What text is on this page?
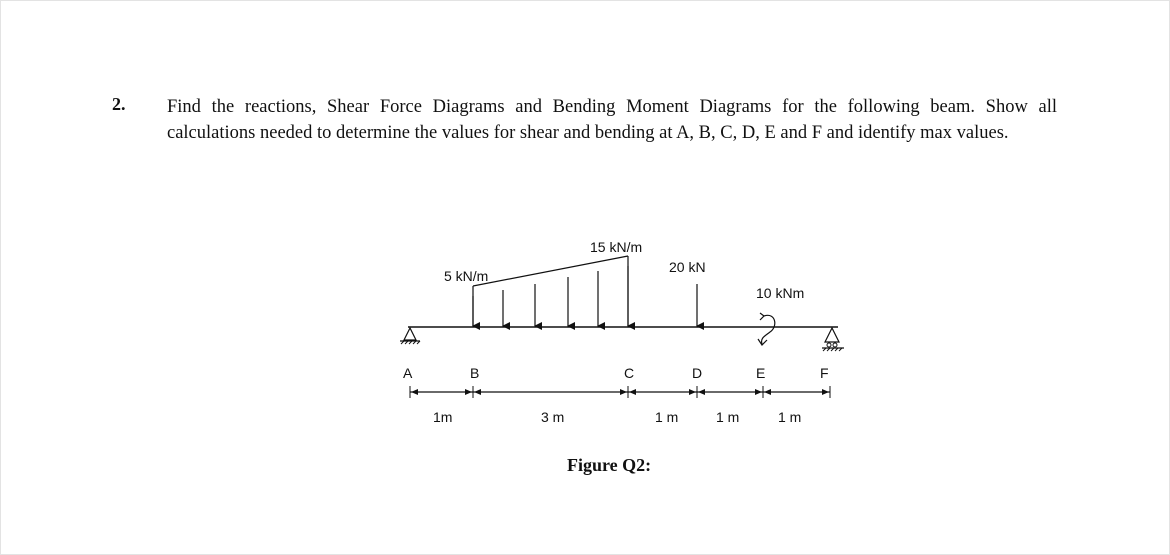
2. Find the reactions, Shear Force Diagrams and Bending Moment Diagrams for the following beam. Show all calculations needed to determine the values for shear and bending at A, B, C, D, E and F and identify max values.
5 kN/m
15 kN/m
20 kN
10 kNm
A	B	C	D	E	F
1m	3 m	1 m	1 m	1 m
Figure Q2:
